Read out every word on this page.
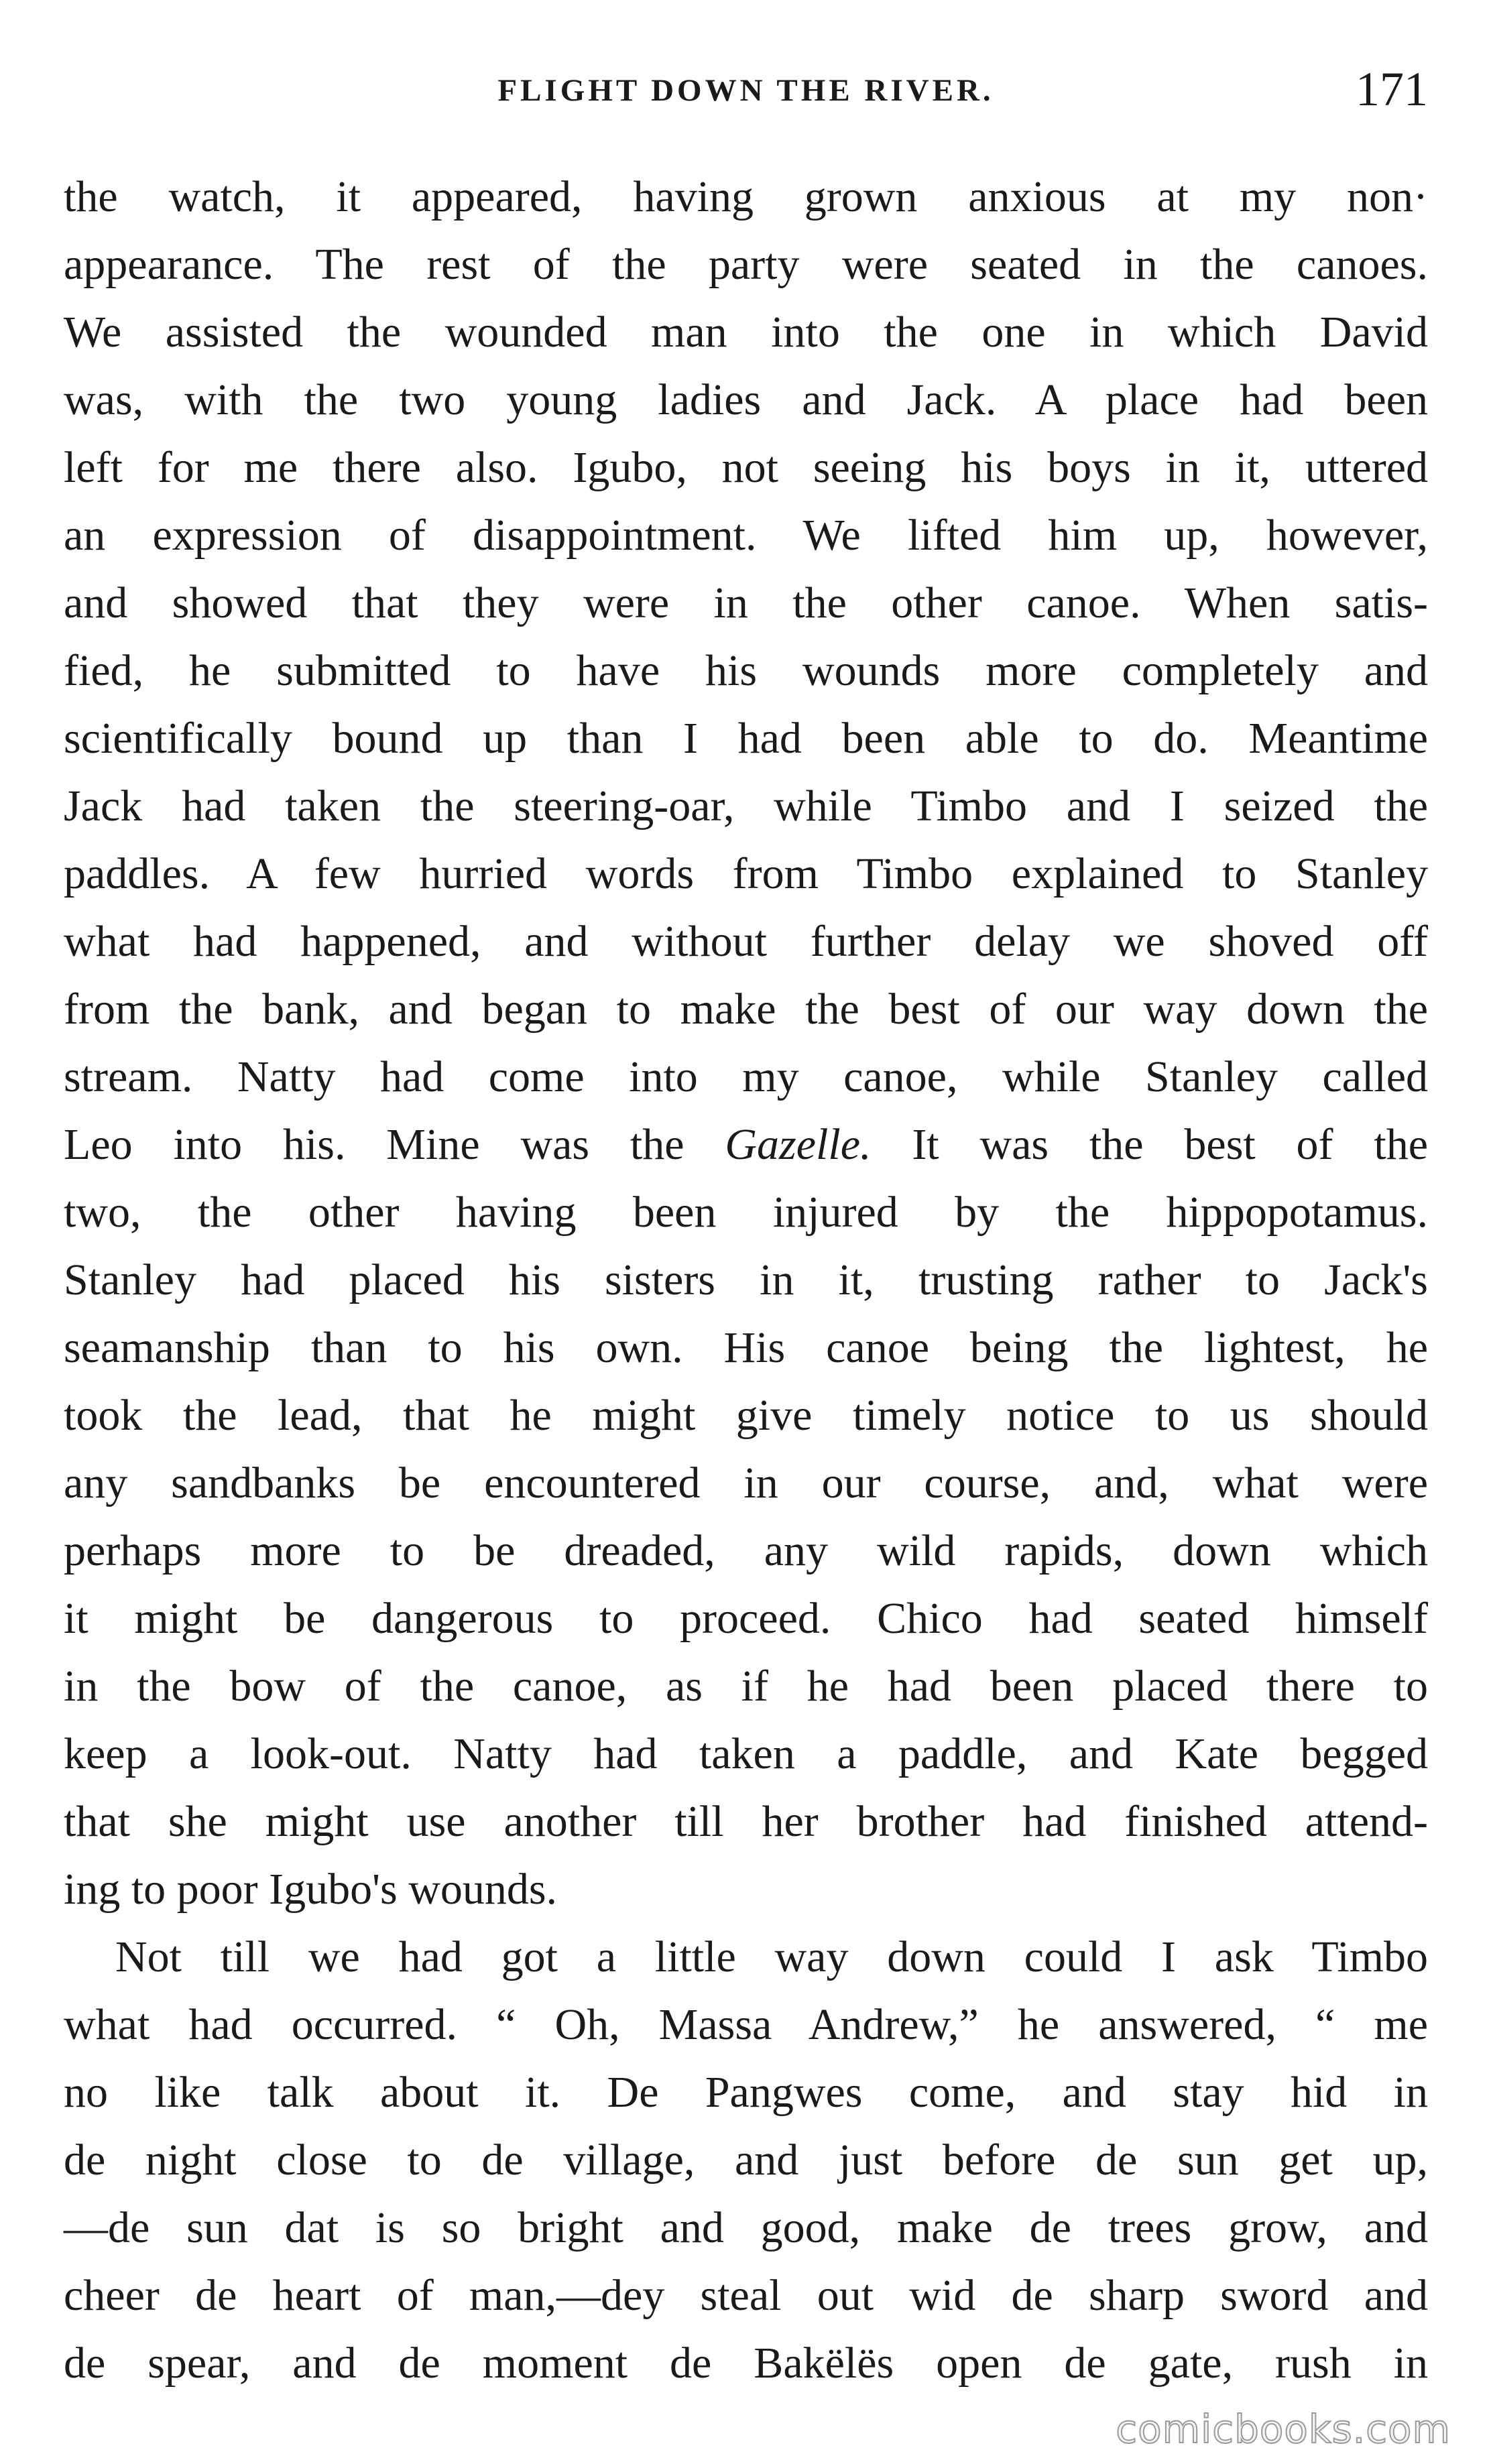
FLIGHT DOWN THE RIVER.	171
the watch, it appeared, having grown anxious at my non·
appearance. The rest of the party were seated in the canoes.
We assisted the wounded man into the one in which David
was, with the two young ladies and Jack. A place had been
left for me there also. Igubo, not seeing his boys in it, uttered
an expression of disappointment. We lifted him up, however,
and showed that they were in the other canoe. When satis-
fied, he submitted to have his wounds more completely and
scientifically bound up than I had been able to do. Meantime
Jack had taken the steering-oar, while Timbo and I seized the
paddles. A few hurried words from Timbo explained to Stanley
what had happened, and without further delay we shoved off
from the bank, and began to make the best of our way down the
stream. Natty had come into my canoe, while Stanley called
Leo into his. Mine was the Gazelle. It was the best of the
two, the other having been injured by the hippopotamus.
Stanley had placed his sisters in it, trusting rather to Jack's
seamanship than to his own. His canoe being the lightest, he
took the lead, that he might give timely notice to us should
any sandbanks be encountered in our course, and, what were
perhaps more to be dreaded, any wild rapids, down which
it might be dangerous to proceed. Chico had seated himself
in the bow of the canoe, as if he had been placed there to
keep a look-out. Natty had taken a paddle, and Kate begged
that she might use another till her brother had finished attend-
ing to poor Igubo's wounds.
Not till we had got a little way down could I ask Timbo
what had occurred. “ Oh, Massa Andrew,” he answered, “ me
no like talk about it. De Pangwes come, and stay hid in
de night close to de village, and just before de sun get up,
—de sun dat is so bright and good, make de trees grow, and
cheer de heart of man,—dey steal out wid de sharp sword and
de spear, and de moment de Bakëlës open de gate, rush in
comicbooks.com
